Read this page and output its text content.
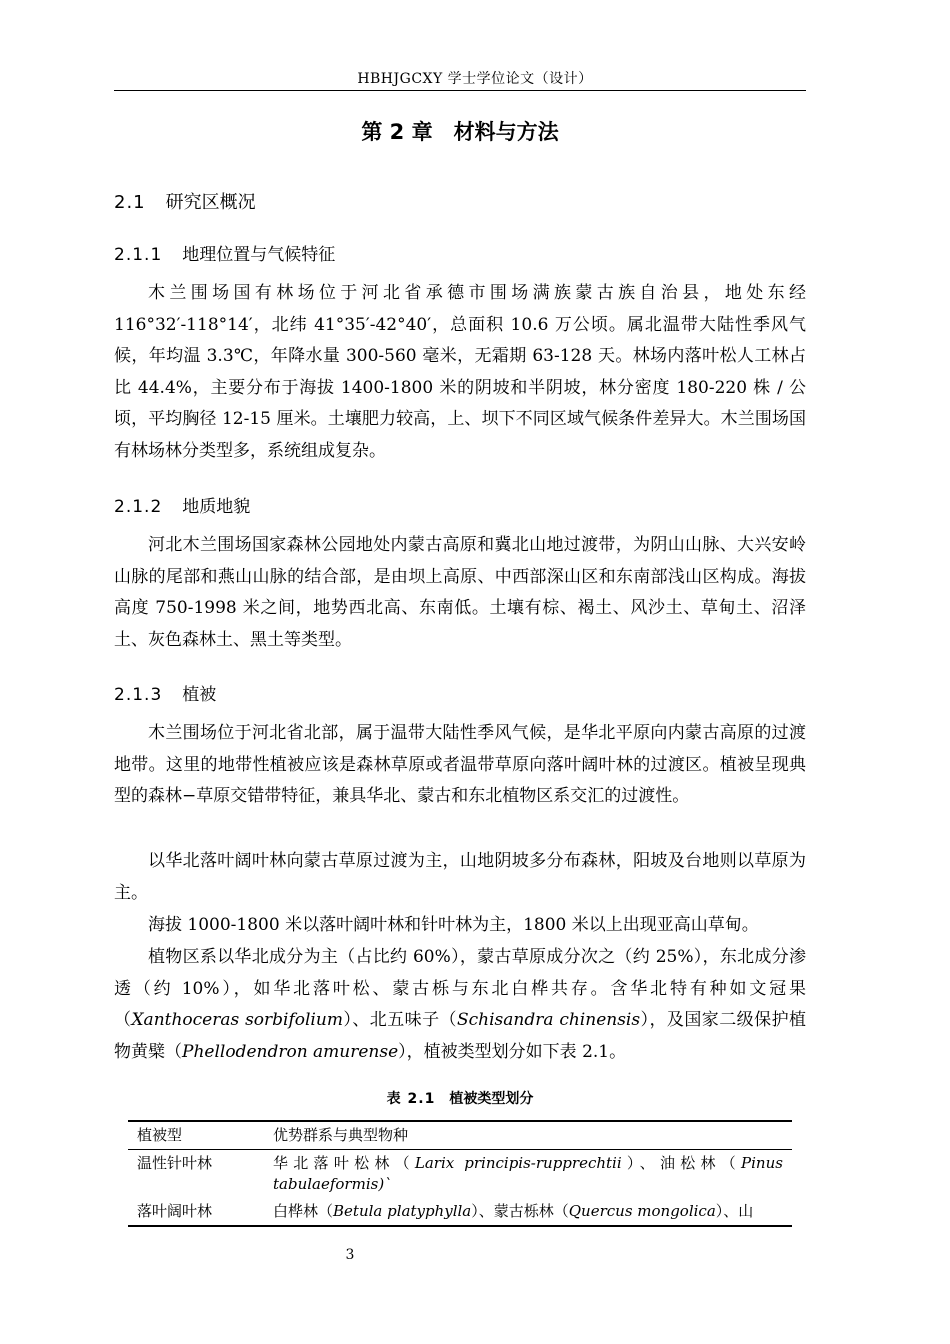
HBHJGCXY 学士学位论文（设计）
第 2 章　材料与方法
2.1 研究区概况
2.1.1 地理位置与气候特征

木兰围场国有林场位于河北省承德市围场满族蒙古族自治县，地处东经116°32′-118°14′，北纬 41°35′-42°40′，总面积 10.6 万公顷。属北温带大陆性季风气候，年均温 3.3℃，年降水量 300-560 毫米，无霜期 63-128 天。林场内落叶松人工林占比 44.4%，主要分布于海拔 1400-1800 米的阴坡和半阴坡，林分密度 180-220 株 / 公顷，平均胸径 12-15 厘米。土壤肥力较高，上、坝下不同区域气候条件差异大。木兰围场国有林场林分类型多，系统组成复杂。

2.1.2 地质地貌

河北木兰围场国家森林公园地处内蒙古高原和冀北山地过渡带，为阴山山脉、大兴安岭山脉的尾部和燕山山脉的结合部，是由坝上高原、中西部深山区和东南部浅山区构成。海拔高度 750-1998 米之间，地势西北高、东南低。土壤有棕、褐土、风沙土、草甸土、沼泽土、灰色森林土、黑土等类型。

2.1.3 植被

木兰围场位于河北省北部，属于温带大陆性季风气候，是华北平原向内蒙古高原的过渡地带。这里的地带性植被应该是森林草原或者温带草原向落叶阔叶林的过渡区。植被呈现典型的森林−草原交错带特征，兼具华北、蒙古和东北植物区系交汇的过渡性。

以华北落叶阔叶林向蒙古草原过渡为主，山地阴坡多分布森林，阳坡及台地则以草原为主。

海拔 1000-1800 米以落叶阔叶林和针叶林为主，1800 米以上出现亚高山草甸。

植物区系以华北成分为主（占比约 60%），蒙古草原成分次之（约 25%），东北成分渗透（约 10%），如华北落叶松、蒙古栎与东北白桦共存。含华北特有种如文冠果（Xanthoceras sorbifolium）、北五味子（Schisandra chinensis），及国家二级保护植物黄檗（Phellodendron amurense），植被类型划分如下表 2.1。

表 2.1 植被类型划分
植被型	优势群系与典型物种
温性针叶林	华北落叶松林（Larix principis-rupprechtii）、油松林（Pinus tabulaeformis)`
落叶阔叶林	白桦林（Betula platyphylla）、蒙古栎林（Quercus mongolica）、山
3
